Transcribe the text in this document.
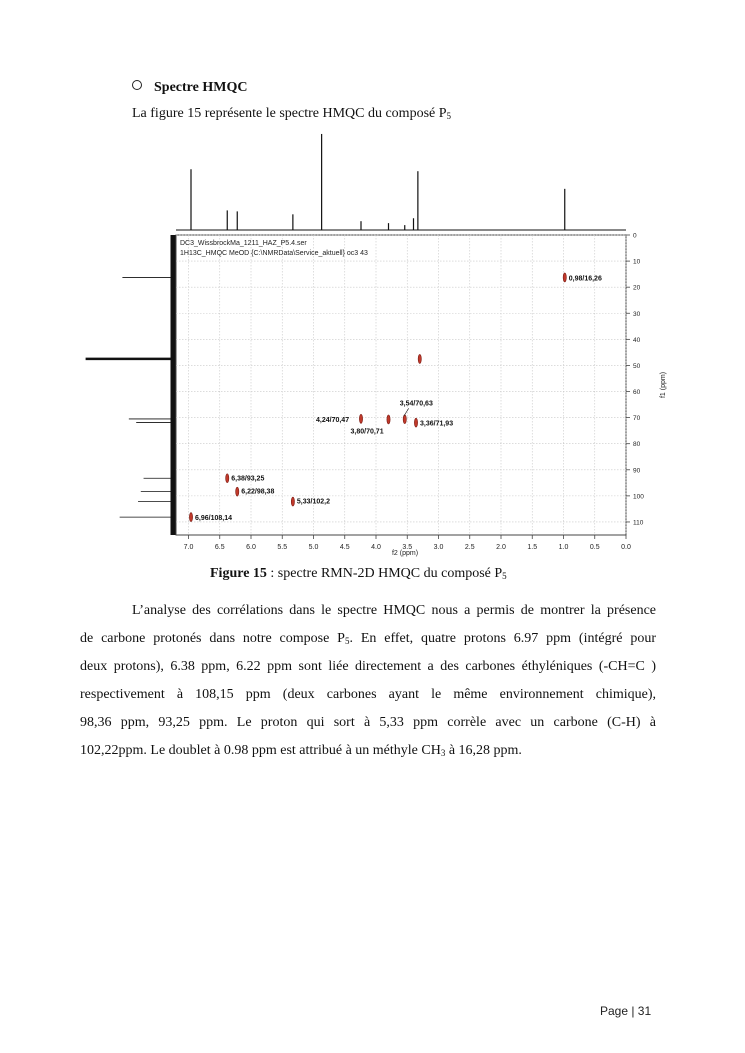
Spectre HMQC
La figure 15 représente le spectre HMQC du composé $P_5$
7.0	6.5	6.0	5.5	5.0	4.5	4.0	3.5	3.0	2.5	2.0	1.5	1.0	0.5	0.0
0
10
20
30
40
50
60
70
80
90
100
110
0,98/16,26
4,24/70,47
3,80/70,71
3,54/70,63
3,36/71,93
6,38/93,25
6,22/98,38
5,33/102,2
6,96/108,14
DC3_WissbrockMa_1211_HAZ_P5.4.ser
1H13C_HMQC MeOD {C:\NMRData\Service_aktuell} oc3 43
f2 (ppm)
f1 (ppm)
Figure 15 : spectre RMN-2D HMQC du composé $P_5$
L’analyse des corrélations dans le spectre HMQC nous a permis de montrer la présence
de carbone protonés dans notre compose $P_5$. En effet, quatre protons 6.97 ppm (intégré pour
deux protons), 6.38 ppm, 6.22 ppm sont liée directement a des carbones éthyléniques (-CH=C )
respectivement à 108,15 ppm (deux carbones ayant le même environnement chimique),
98,36 ppm, 93,25 ppm. Le proton qui sort à 5,33 ppm corrèle avec un carbone (C-H) à
102,22ppm. Le doublet à 0.98 ppm est attribué à un méthyle $CH_3$ à 16,28 ppm.
Page | 31
